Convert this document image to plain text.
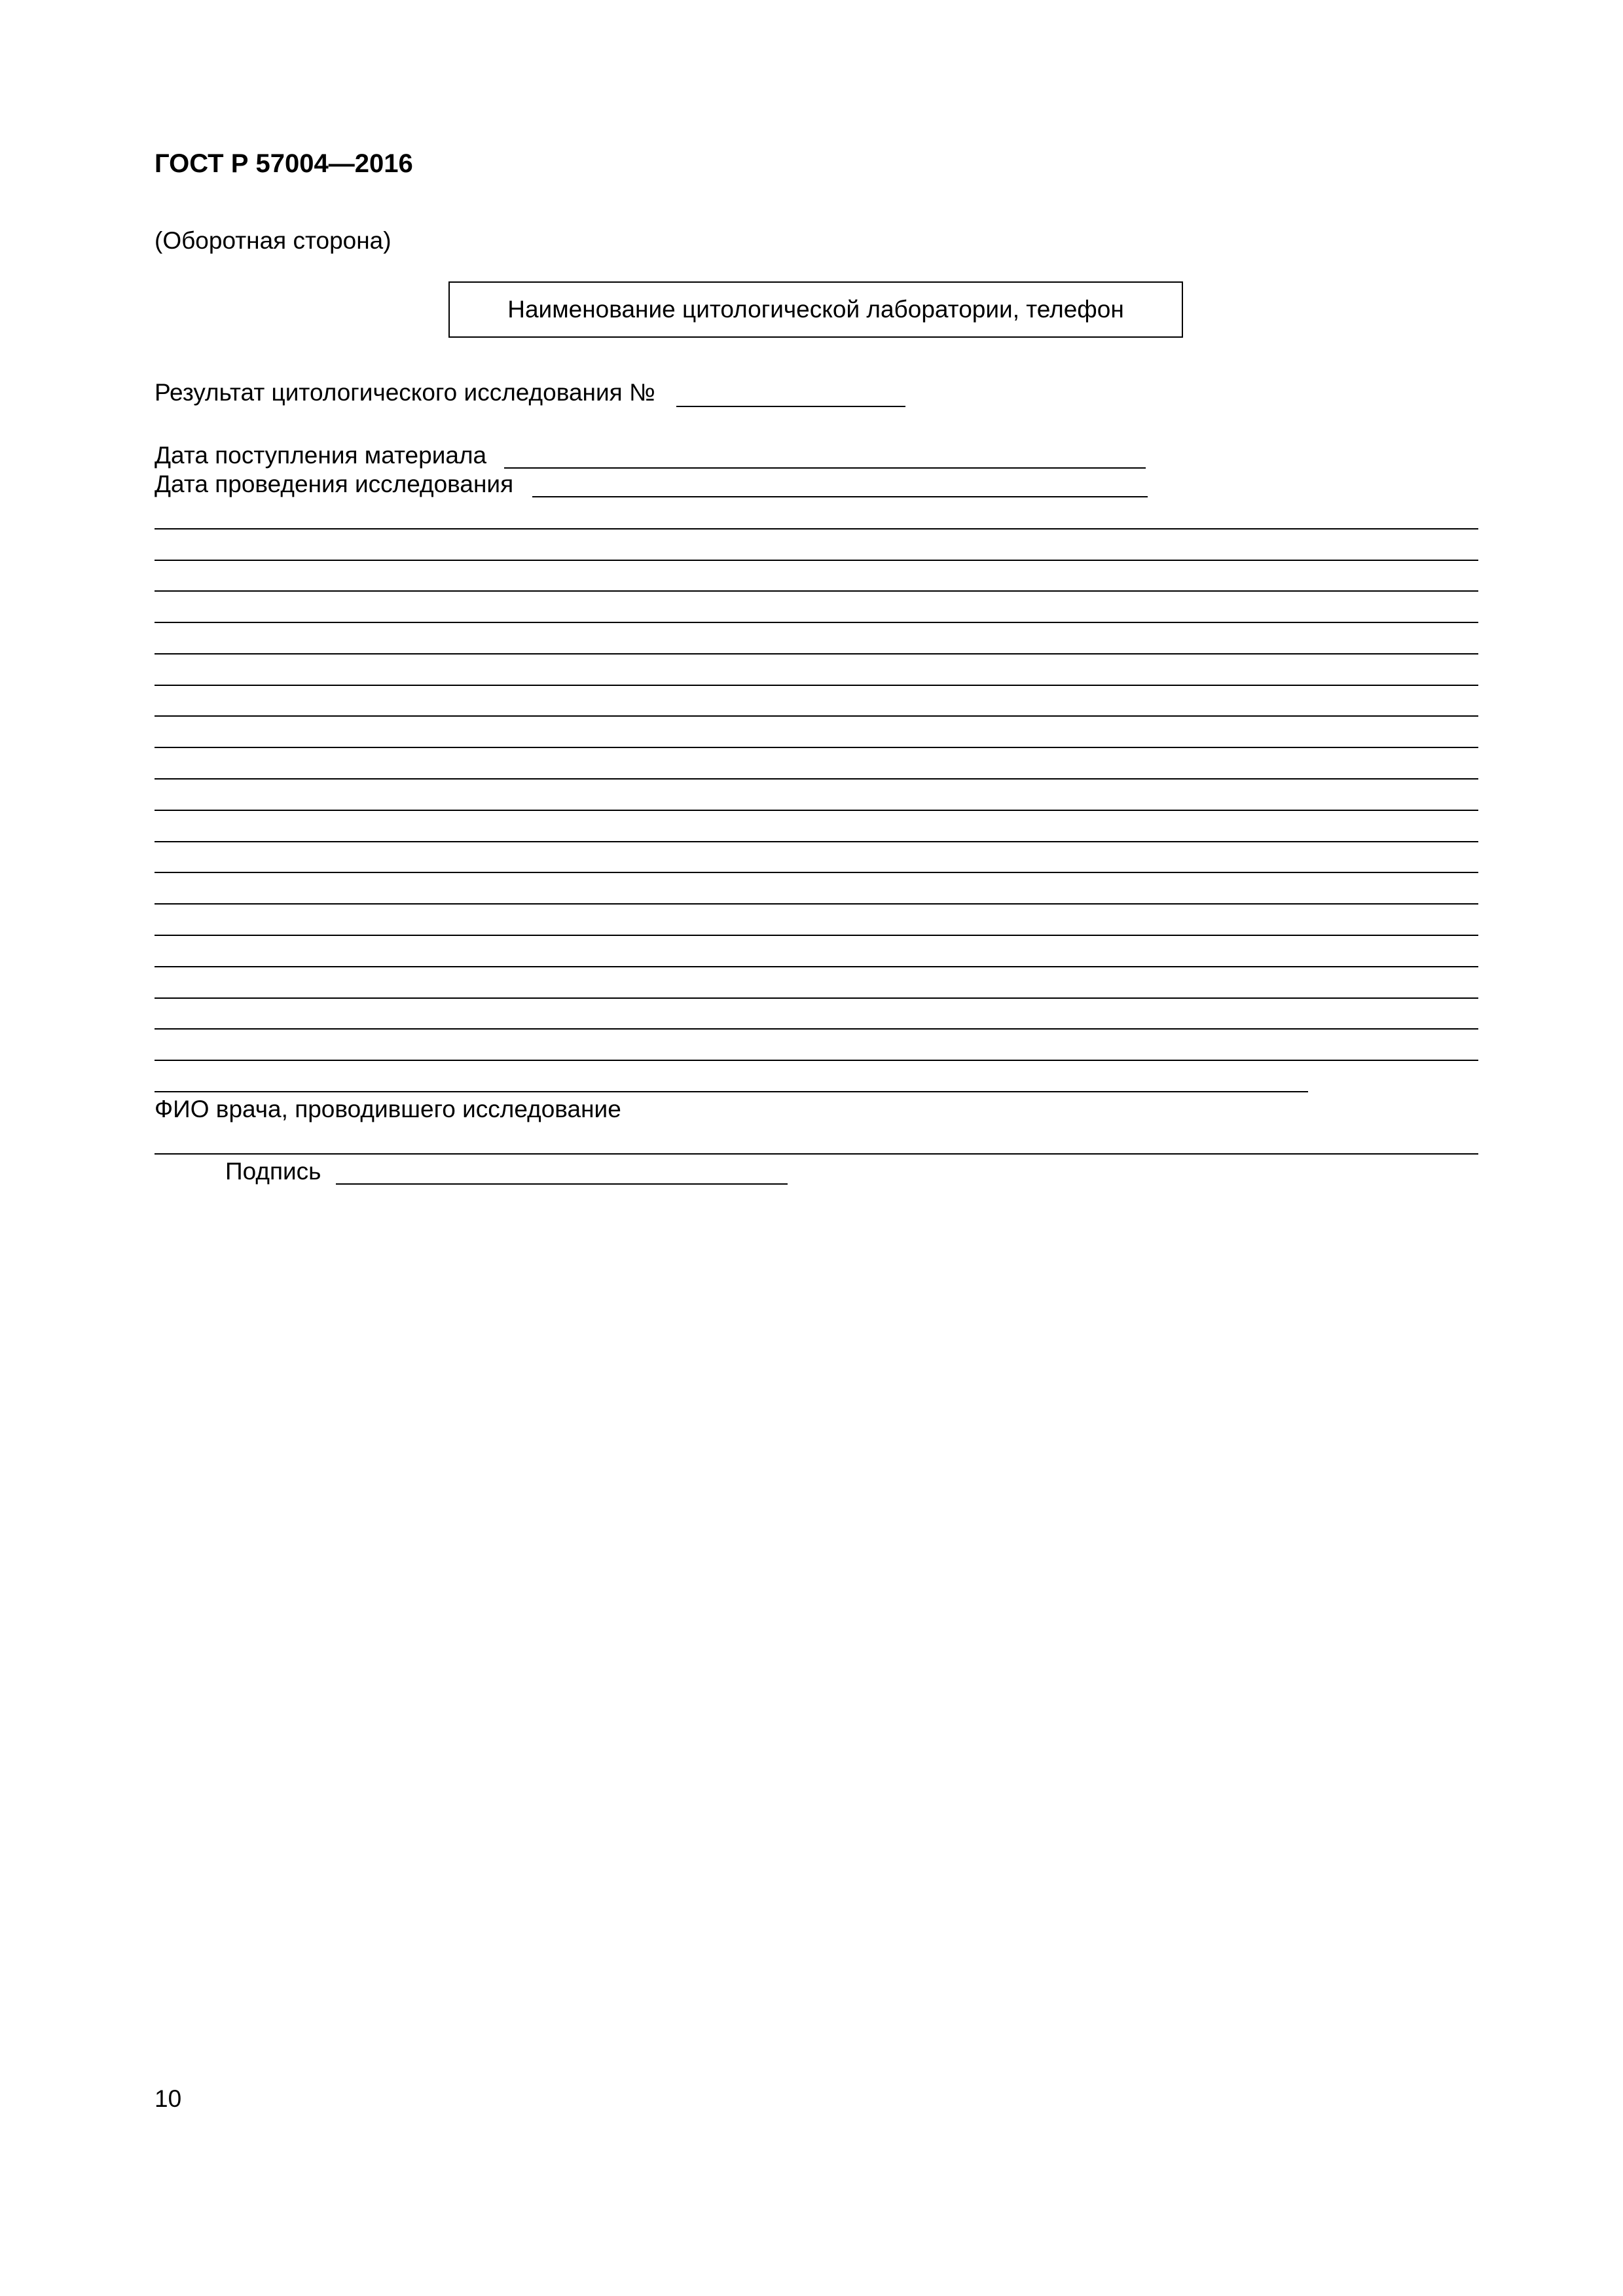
ГОСТ Р 57004—2016
(Оборотная сторона)
Наименование цитологической лаборатории, телефон
Результат цитологического исследования №
Дата поступления материала
Дата проведения исследования
ФИО врача, проводившего исследование
Подпись
10
